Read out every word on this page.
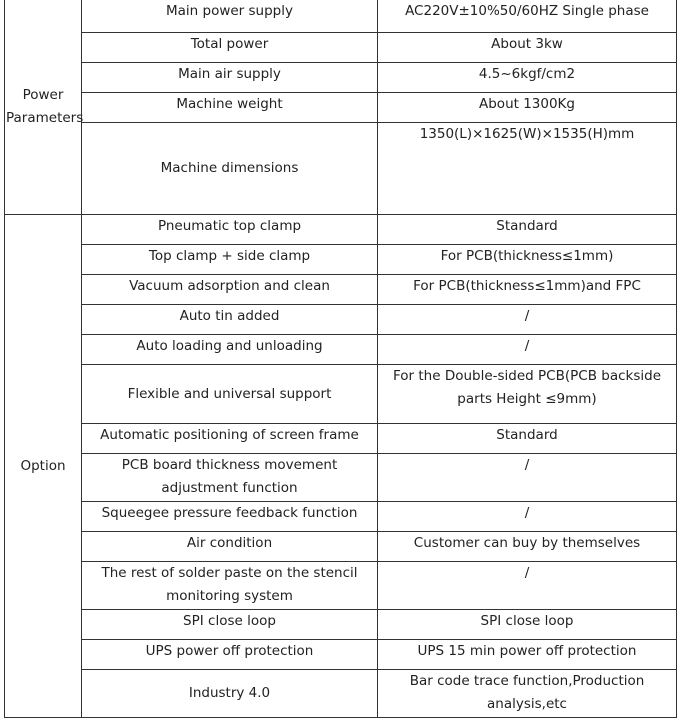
Power Parameters	Main power supply	AC220V±10%50/60HZ Single phase
	Total power	About 3kw
	Main air supply	4.5~6kgf/cm2
	Machine weight	About 1300Kg
	Machine dimensions	1350(L)×1625(W)×1535(H)mm
Option	Pneumatic top clamp	Standard
	Top clamp + side clamp	For PCB(thickness≤1mm)
	Vacuum adsorption and clean	For PCB(thickness≤1mm)and FPC
	Auto tin added	/
	Auto loading and unloading	/
	Flexible and universal support	For the Double-sided PCB(PCB backside parts Height ≤9mm)
	Automatic positioning of screen frame	Standard
	PCB board thickness movement adjustment function	/
	Squeegee pressure feedback function	/
	Air condition	Customer can buy by themselves
	The rest of solder paste on the stencil monitoring system	/
	SPI close loop	SPI close loop
	UPS power off protection	UPS 15 min power off protection
	Industry 4.0	Bar code trace function,Production analysis,etc
